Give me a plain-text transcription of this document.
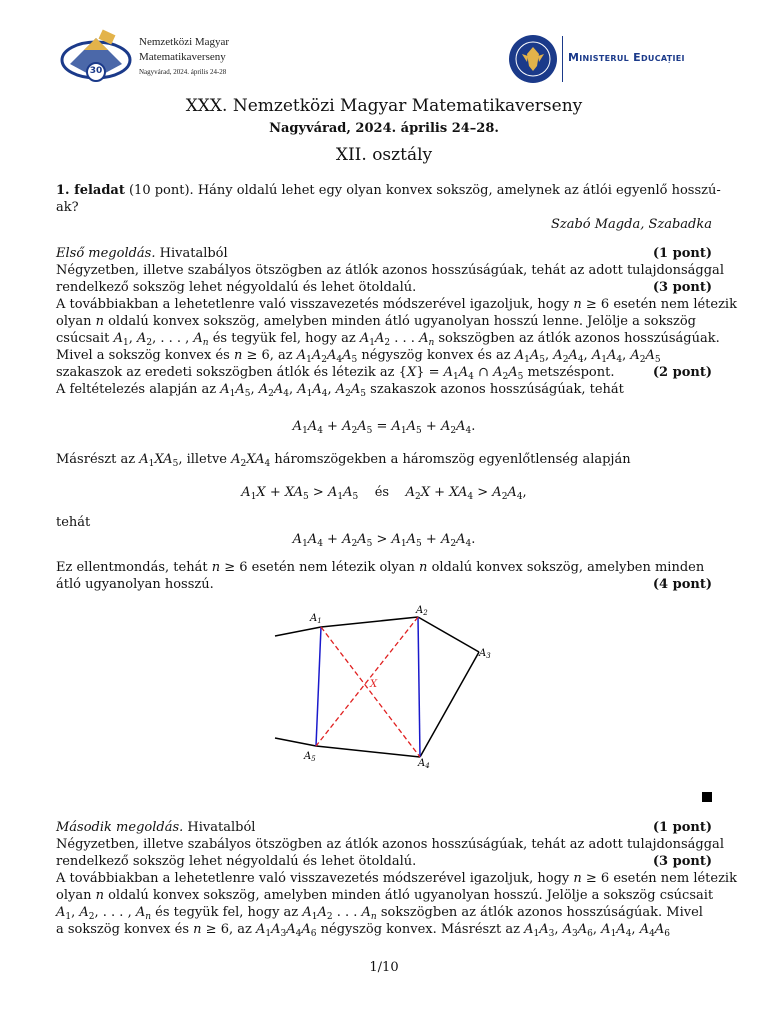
30
Nemzetközi Magyar
Matematikaverseny
Nagyvárad, 2024. április 24-28
Ministerul Educației
XXX. Nemzetközi Magyar Matematikaverseny
Nagyvárad, 2024. április 24–28.
XII. osztály
1. feladat (10 pont). Hány oldalú lehet egy olyan konvex sokszög, amelynek az átlói egyenlő hosszú-
ak?
Szabó Magda, Szabadka
Első megoldás. Hivatalból	(1 pont)
Négyzetben, illetve szabályos ötszögben az átlók azonos hosszúságúak, tehát az adott tulajdonsággal
rendelkező sokszög lehet négyoldalú és lehet ötoldalú.	(3 pont)
A továbbiakban a lehetetlenre való visszavezetés módszerével igazoljuk, hogy n ≥ 6 esetén nem létezik
olyan n oldalú konvex sokszög, amelyben minden átló ugyanolyan hosszú lenne. Jelölje a sokszög
csúcsait $A_1$, $A_2$, . . . , $A_n$ és tegyük fel, hogy az $A_1A_2$ . . . $A_n$ sokszögben az átlók azonos hosszúságúak.
Mivel a sokszög konvex és n ≥ 6, az $A_1A_2A_4A_5$ négyszög konvex és az $A_1A_5$, $A_2A_4$, $A_1A_4$, $A_2A_5$
szakaszok az eredeti sokszögben átlók és létezik az $\{X\} = A_1A_4$ ∩ $A_2A_5$ metszéspont.	(2 pont)
A feltételezés alapján az $A_1A_5$, $A_2A_4$, $A_1A_4$, $A_2A_5$ szakaszok azonos hosszúságúak, tehát
$A_1A_4 + A_2A_5 = A_1A_5 + A_2A_4$.
Másrészt az $A_1XA_5$, illetve $A_2XA_4$ háromszögekben a háromszög egyenlőtlenség alapján
$A_1X + XA_5 > A_1A_5$ és $A_2X + XA_4 > A_2A_4$,
tehát
$A_1A_4 + A_2A_5 > A_1A_5 + A_2A_4$.
Ez ellentmondás, tehát n ≥ 6 esetén nem létezik olyan n oldalú konvex sokszög, amelyben minden
átló ugyanolyan hosszú.	(4 pont)
$A_1$
$A_2$
$A_3$
$A_4$
$A_5$
X
Második megoldás. Hivatalból	(1 pont)
Négyzetben, illetve szabályos ötszögben az átlók azonos hosszúságúak, tehát az adott tulajdonsággal
rendelkező sokszög lehet négyoldalú és lehet ötoldalú.	(3 pont)
A továbbiakban a lehetetlenre való visszavezetés módszerével igazoljuk, hogy n ≥ 6 esetén nem létezik
olyan n oldalú konvex sokszög, amelyben minden átló ugyanolyan hosszú. Jelölje a sokszög csúcsait
$A_1$, $A_2$, . . . , $A_n$ és tegyük fel, hogy az $A_1A_2$ . . . $A_n$ sokszögben az átlók azonos hosszúságúak. Mivel
a sokszög konvex és n ≥ 6, az $A_1A_3A_4A_6$ négyszög konvex. Másrészt az $A_1A_3$, $A_3A_6$, $A_1A_4$, $A_4A_6$
1/10
